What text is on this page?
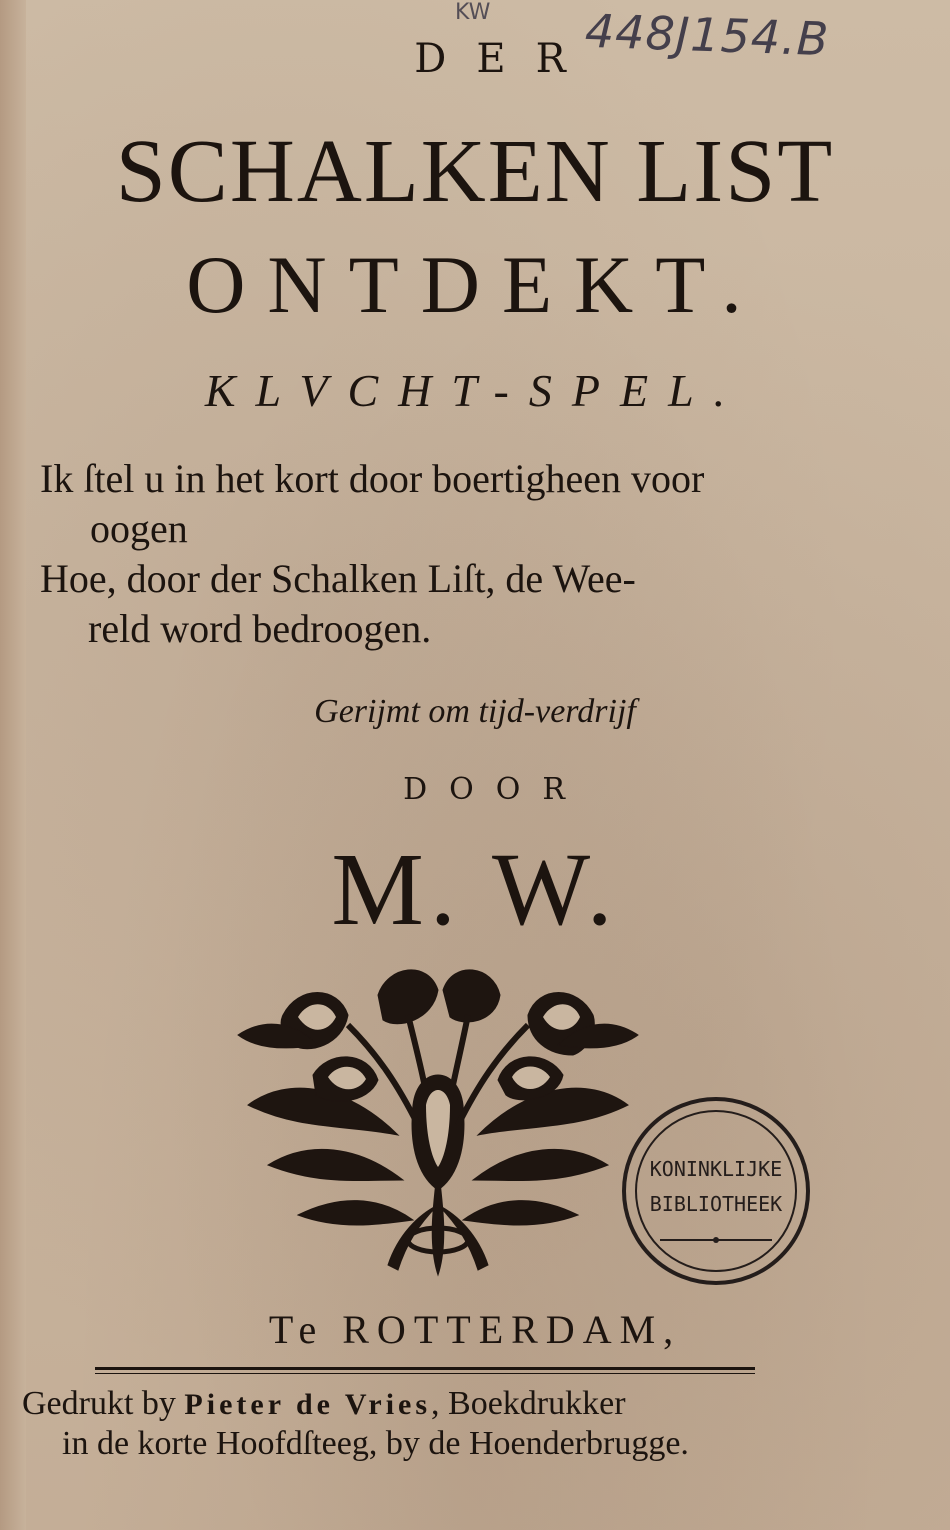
KW 448J154.B
DER
SCHALKEN LIST
ONTDEKT.
KLVCHT-SPEL.
Ik ſtel u in het kort door boertigheen voor
oogen
Hoe, door der Schalken Liſt, de Wee-
reld word bedroogen.
Gerijmt om tijd-verdrijf
DOOR
M. W.
KONINKLIJKE
BIBLIOTHEEK
Te ROTTERDAM,
Gedrukt by Pieter de Vries, Boekdrukker
in de korte Hoofdſteeg, by de Hoenderbrugge.
